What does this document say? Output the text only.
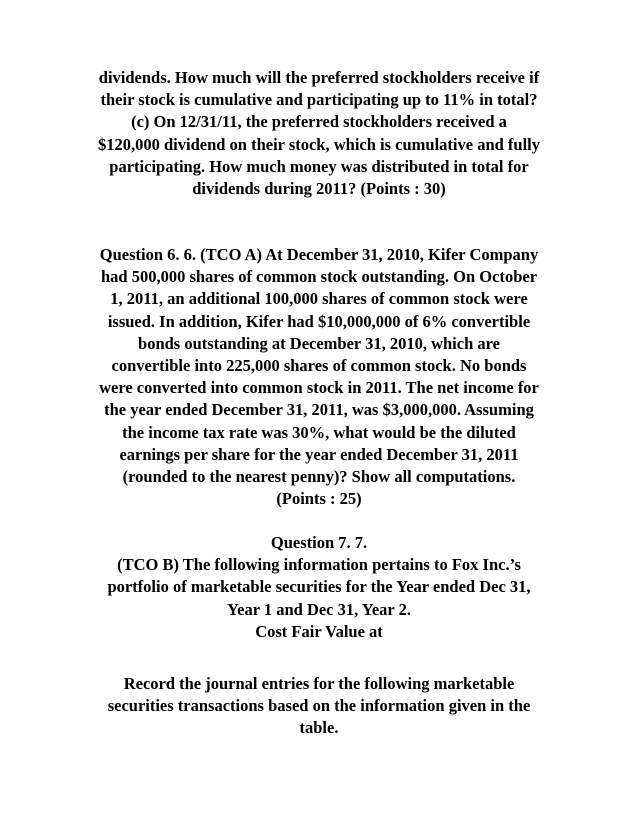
dividends. How much will the preferred stockholders receive if
their stock is cumulative and participating up to 11% in total?
(c) On 12/31/11, the preferred stockholders received a
$120,000 dividend on their stock, which is cumulative and fully
participating. How much money was distributed in total for
dividends during 2011? (Points : 30)
Question 6. 6. (TCO A) At December 31, 2010, Kifer Company
had 500,000 shares of common stock outstanding. On October
1, 2011, an additional 100,000 shares of common stock were
issued. In addition, Kifer had $10,000,000 of 6% convertible
bonds outstanding at December 31, 2010, which are
convertible into 225,000 shares of common stock. No bonds
were converted into common stock in 2011. The net income for
the year ended December 31, 2011, was $3,000,000. Assuming
the income tax rate was 30%, what would be the diluted
earnings per share for the year ended December 31, 2011
(rounded to the nearest penny)? Show all computations.
(Points : 25)
Question 7. 7.
(TCO B) The following information pertains to Fox Inc.’s
portfolio of marketable securities for the Year ended Dec 31,
Year 1 and Dec 31, Year 2.
Cost Fair Value at
Record the journal entries for the following marketable
securities transactions based on the information given in the
table.
